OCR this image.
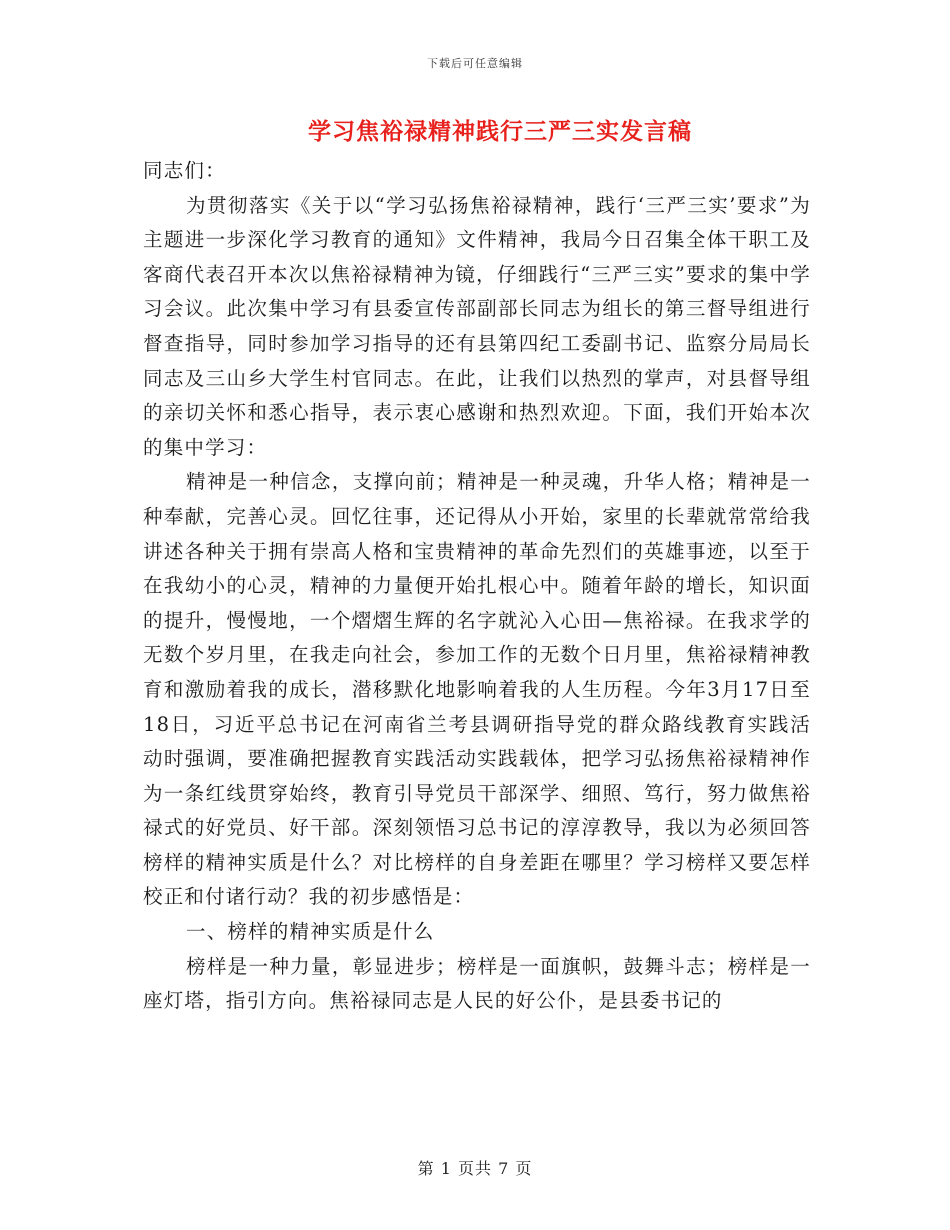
下载后可任意编辑
学习焦裕禄精神践行三严三实发言稿

同志们：

为贯彻落实《关于以“学习弘扬焦裕禄精神，践行‘三严三实’要求”为主题进一步深化学习教育的通知》文件精神，我局今日召集全体干职工及客商代表召开本次以焦裕禄精神为镜，仔细践行“三严三实”要求的集中学习会议。此次集中学习有县委宣传部副部长同志为组长的第三督导组进行督查指导，同时参加学习指导的还有县第四纪工委副书记、监察分局局长同志及三山乡大学生村官同志。在此，让我们以热烈的掌声，对县督导组的亲切关怀和悉心指导，表示衷心感谢和热烈欢迎。下面，我们开始本次的集中学习：

精神是一种信念，支撑向前；精神是一种灵魂，升华人格；精神是一种奉献，完善心灵。回忆往事，还记得从小开始，家里的长辈就常常给我讲述各种关于拥有崇高人格和宝贵精神的革命先烈们的英雄事迹，以至于在我幼小的心灵，精神的力量便开始扎根心中。随着年龄的增长，知识面的提升，慢慢地，一个熠熠生辉的名字就沁入心田—焦裕禄。在我求学的无数个岁月里，在我走向社会，参加工作的无数个日月里，焦裕禄精神教育和激励着我的成长，潜移默化地影响着我的人生历程。今年3月17日至18日，习近平总书记在河南省兰考县调研指导党的群众路线教育实践活动时强调，要准确把握教育实践活动实践载体，把学习弘扬焦裕禄精神作为一条红线贯穿始终，教育引导党员干部深学、细照、笃行，努力做焦裕禄式的好党员、好干部。深刻领悟习总书记的淳淳教导，我以为必须回答榜样的精神实质是什么？对比榜样的自身差距在哪里？学习榜样又要怎样校正和付诸行动？我的初步感悟是：

一、榜样的精神实质是什么

榜样是一种力量，彰显进步；榜样是一面旗帜，鼓舞斗志；榜样是一座灯塔，指引方向。焦裕禄同志是人民的好公仆，是县委书记的

第 1 页共 7 页
